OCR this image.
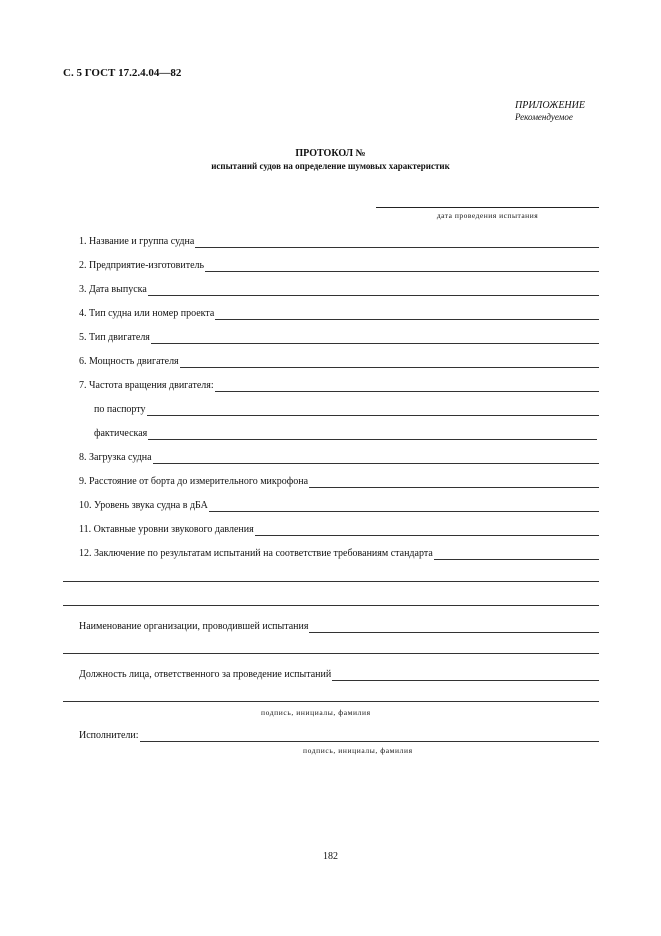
С. 5 ГОСТ 17.2.4.04—82
ПРИЛОЖЕНИЕ
Рекомендуемое
ПРОТОКОЛ №
испытаний судов на определение шумовых характеристик
дата проведения испытания
1. Название и группа судна
2. Предприятие-изготовитель
3. Дата выпуска
4. Тип судна или номер проекта
5. Тип двигателя
6. Мощность двигателя
7. Частота вращения двигателя:
по паспорту
фактическая
8. Загрузка судна
9. Расстояние от борта до измерительного микрофона
10. Уровень звука судна в дБА
11. Октавные уровни звукового давления
12. Заключение по результатам испытаний на соответствие требованиям стандарта
Наименование организации, проводившей испытания
Должность лица, ответственного за проведение испытаний
подпись, инициалы, фамилия
Исполнители:
подпись, инициалы, фамилия
182
